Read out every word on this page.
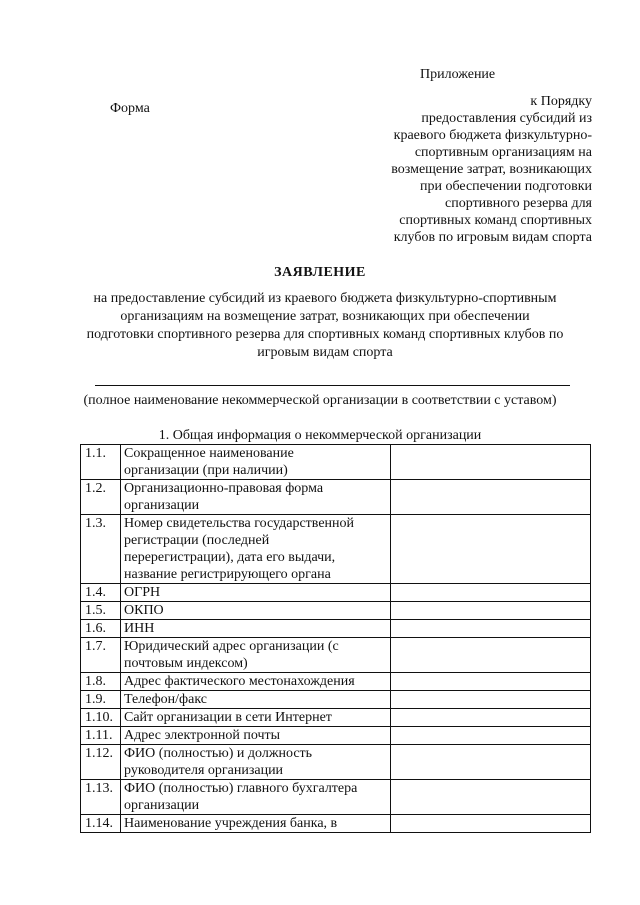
Приложение
Форма	к Порядку
предоставления субсидий из
краевого бюджета физкультурно-
спортивным организациям на
возмещение затрат, возникающих
при обеспечении подготовки
спортивного резерва для
спортивных команд спортивных
клубов по игровым видам спорта
ЗАЯВЛЕНИЕ
на предоставление субсидий из краевого бюджета физкультурно-спортивным
организациям на возмещение затрат, возникающих при обеспечении
подготовки спортивного резерва для спортивных команд спортивных клубов по
игровым видам спорта
(полное наименование некоммерческой организации в соответствии с уставом)
1. Общая информация о некоммерческой организации
1.1.	Сокращенное наименование
организации (при наличии)	

1.2.	Организационно-правовая форма
организации	

1.3.	Номер свидетельства государственной
регистрации (последней
перерегистрации), дата его выдачи,
название регистрирующего органа	

1.4.	ОГРН	

1.5.	ОКПО	

1.6.	ИНН	

1.7.	Юридический адрес организации (с
почтовым индексом)	

1.8.	Адрес фактического местонахождения	

1.9.	Телефон/факс	

1.10.	Сайт организации в сети Интернет	

1.11.	Адрес электронной почты	

1.12.	ФИО (полностью) и должность
руководителя организации	

1.13.	ФИО (полностью) главного бухгалтера
организации	

1.14.	Наименование учреждения банка, в	
